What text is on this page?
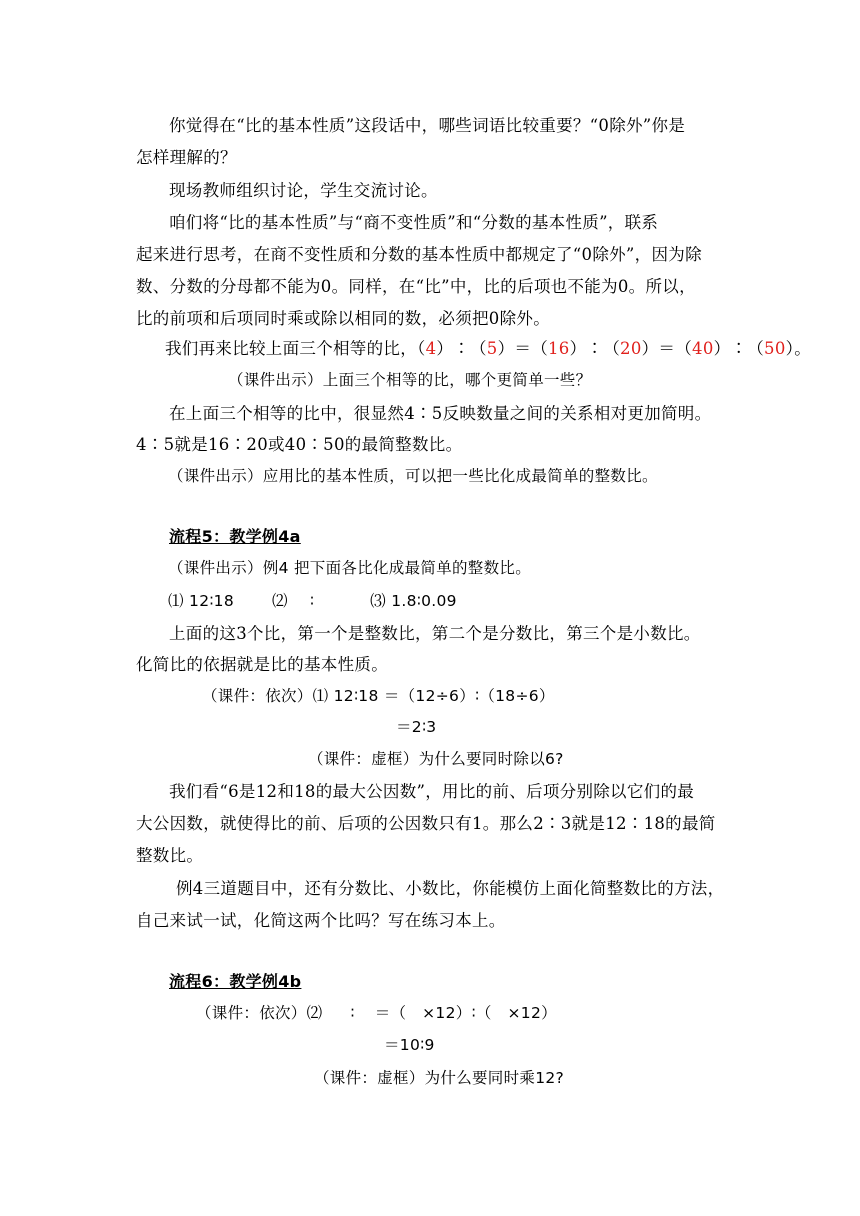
你觉得在“比的基本性质”这段话中，哪些词语比较重要？“0除外”你是
怎样理解的？
现场教师组织讨论，学生交流讨论。
咱们将“比的基本性质”与“商不变性质”和“分数的基本性质”，联系
起来进行思考，在商不变性质和分数的基本性质中都规定了“0除外”，因为除
数、分数的分母都不能为0。同样，在“比”中，比的后项也不能为0。所以，
比的前项和后项同时乘或除以相同的数，必须把0除外。
我们再来比较上面三个相等的比，（4）∶（5）＝（16）∶（20）＝（40）∶（50）。
（课件出示）上面三个相等的比，哪个更简单一些？
在上面三个相等的比中，很显然4∶5反映数量之间的关系相对更加简明。
4∶5就是16∶20或40∶50的最简整数比。
（课件出示）应用比的基本性质，可以把一些比化成最简单的整数比。
流程5：教学例4a
（课件出示）例4 把下面各比化成最简单的整数比。
⑴ 12∶18 ⑵ ∶	⑶ 1.8∶0.09
上面的这3个比，第一个是整数比，第二个是分数比，第三个是小数比。
化简比的依据就是比的基本性质。
（课件：依次）⑴ 12∶18 ＝（12÷6）∶（18÷6）
＝2∶3
（课件：虚框）为什么要同时除以6?
我们看“6是12和18的最大公因数”，用比的前、后项分别除以它们的最
大公因数，就使得比的前、后项的公因数只有1。那么2∶3就是12∶18的最简
整数比。
例4三道题目中，还有分数比、小数比，你能模仿上面化简整数比的方法，
自己来试一试，化简这两个比吗？写在练习本上。
流程6：教学例4b
（课件：依次）⑵ ∶ ＝（　×12）∶（　×12）
＝10∶9
（课件：虚框）为什么要同时乘12?
